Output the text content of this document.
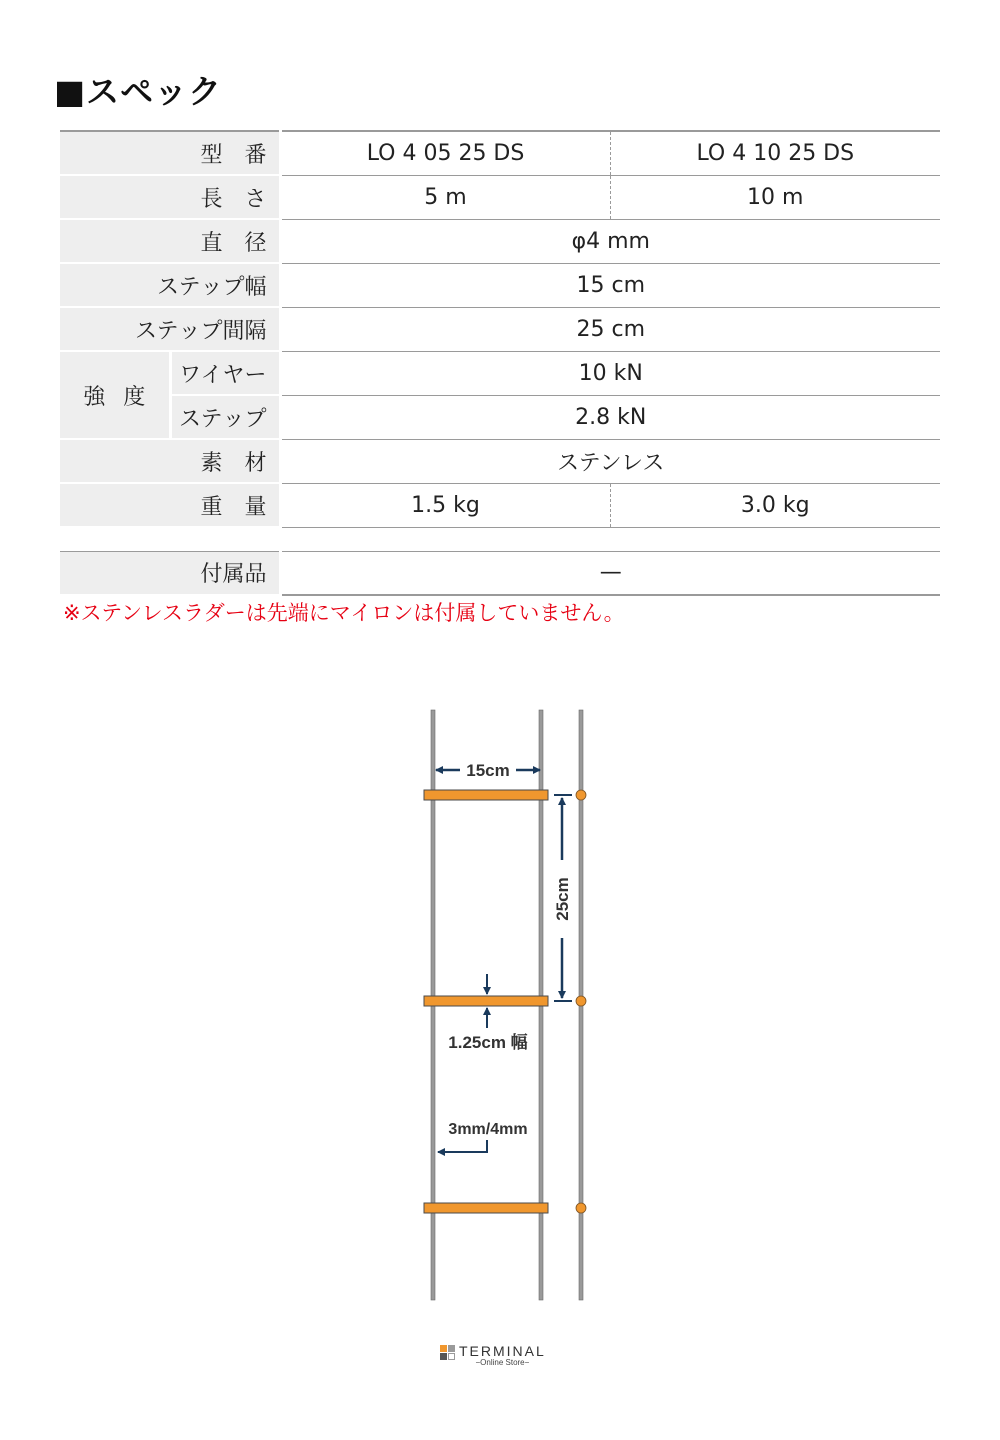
■スペック
型　番		LO 4 05 25 DS	LO 4 10 25 DS
長　さ		5 m	10 m
直　径		φ4 mm	
ステップ幅		15 cm	
ステップ間隔		25 cm	
強度	ワイヤー	10 kN	
	ステップ	2.8 kN	
素　材		ステンレス	
重　量		1.5 kg	3.0 kg

付属品		—	
※ステンレスラダーは先端にマイロンは付属していません。
15cm
25cm
1.25cm 幅
3mm/4mm
TERMINAL
−Online Store−
